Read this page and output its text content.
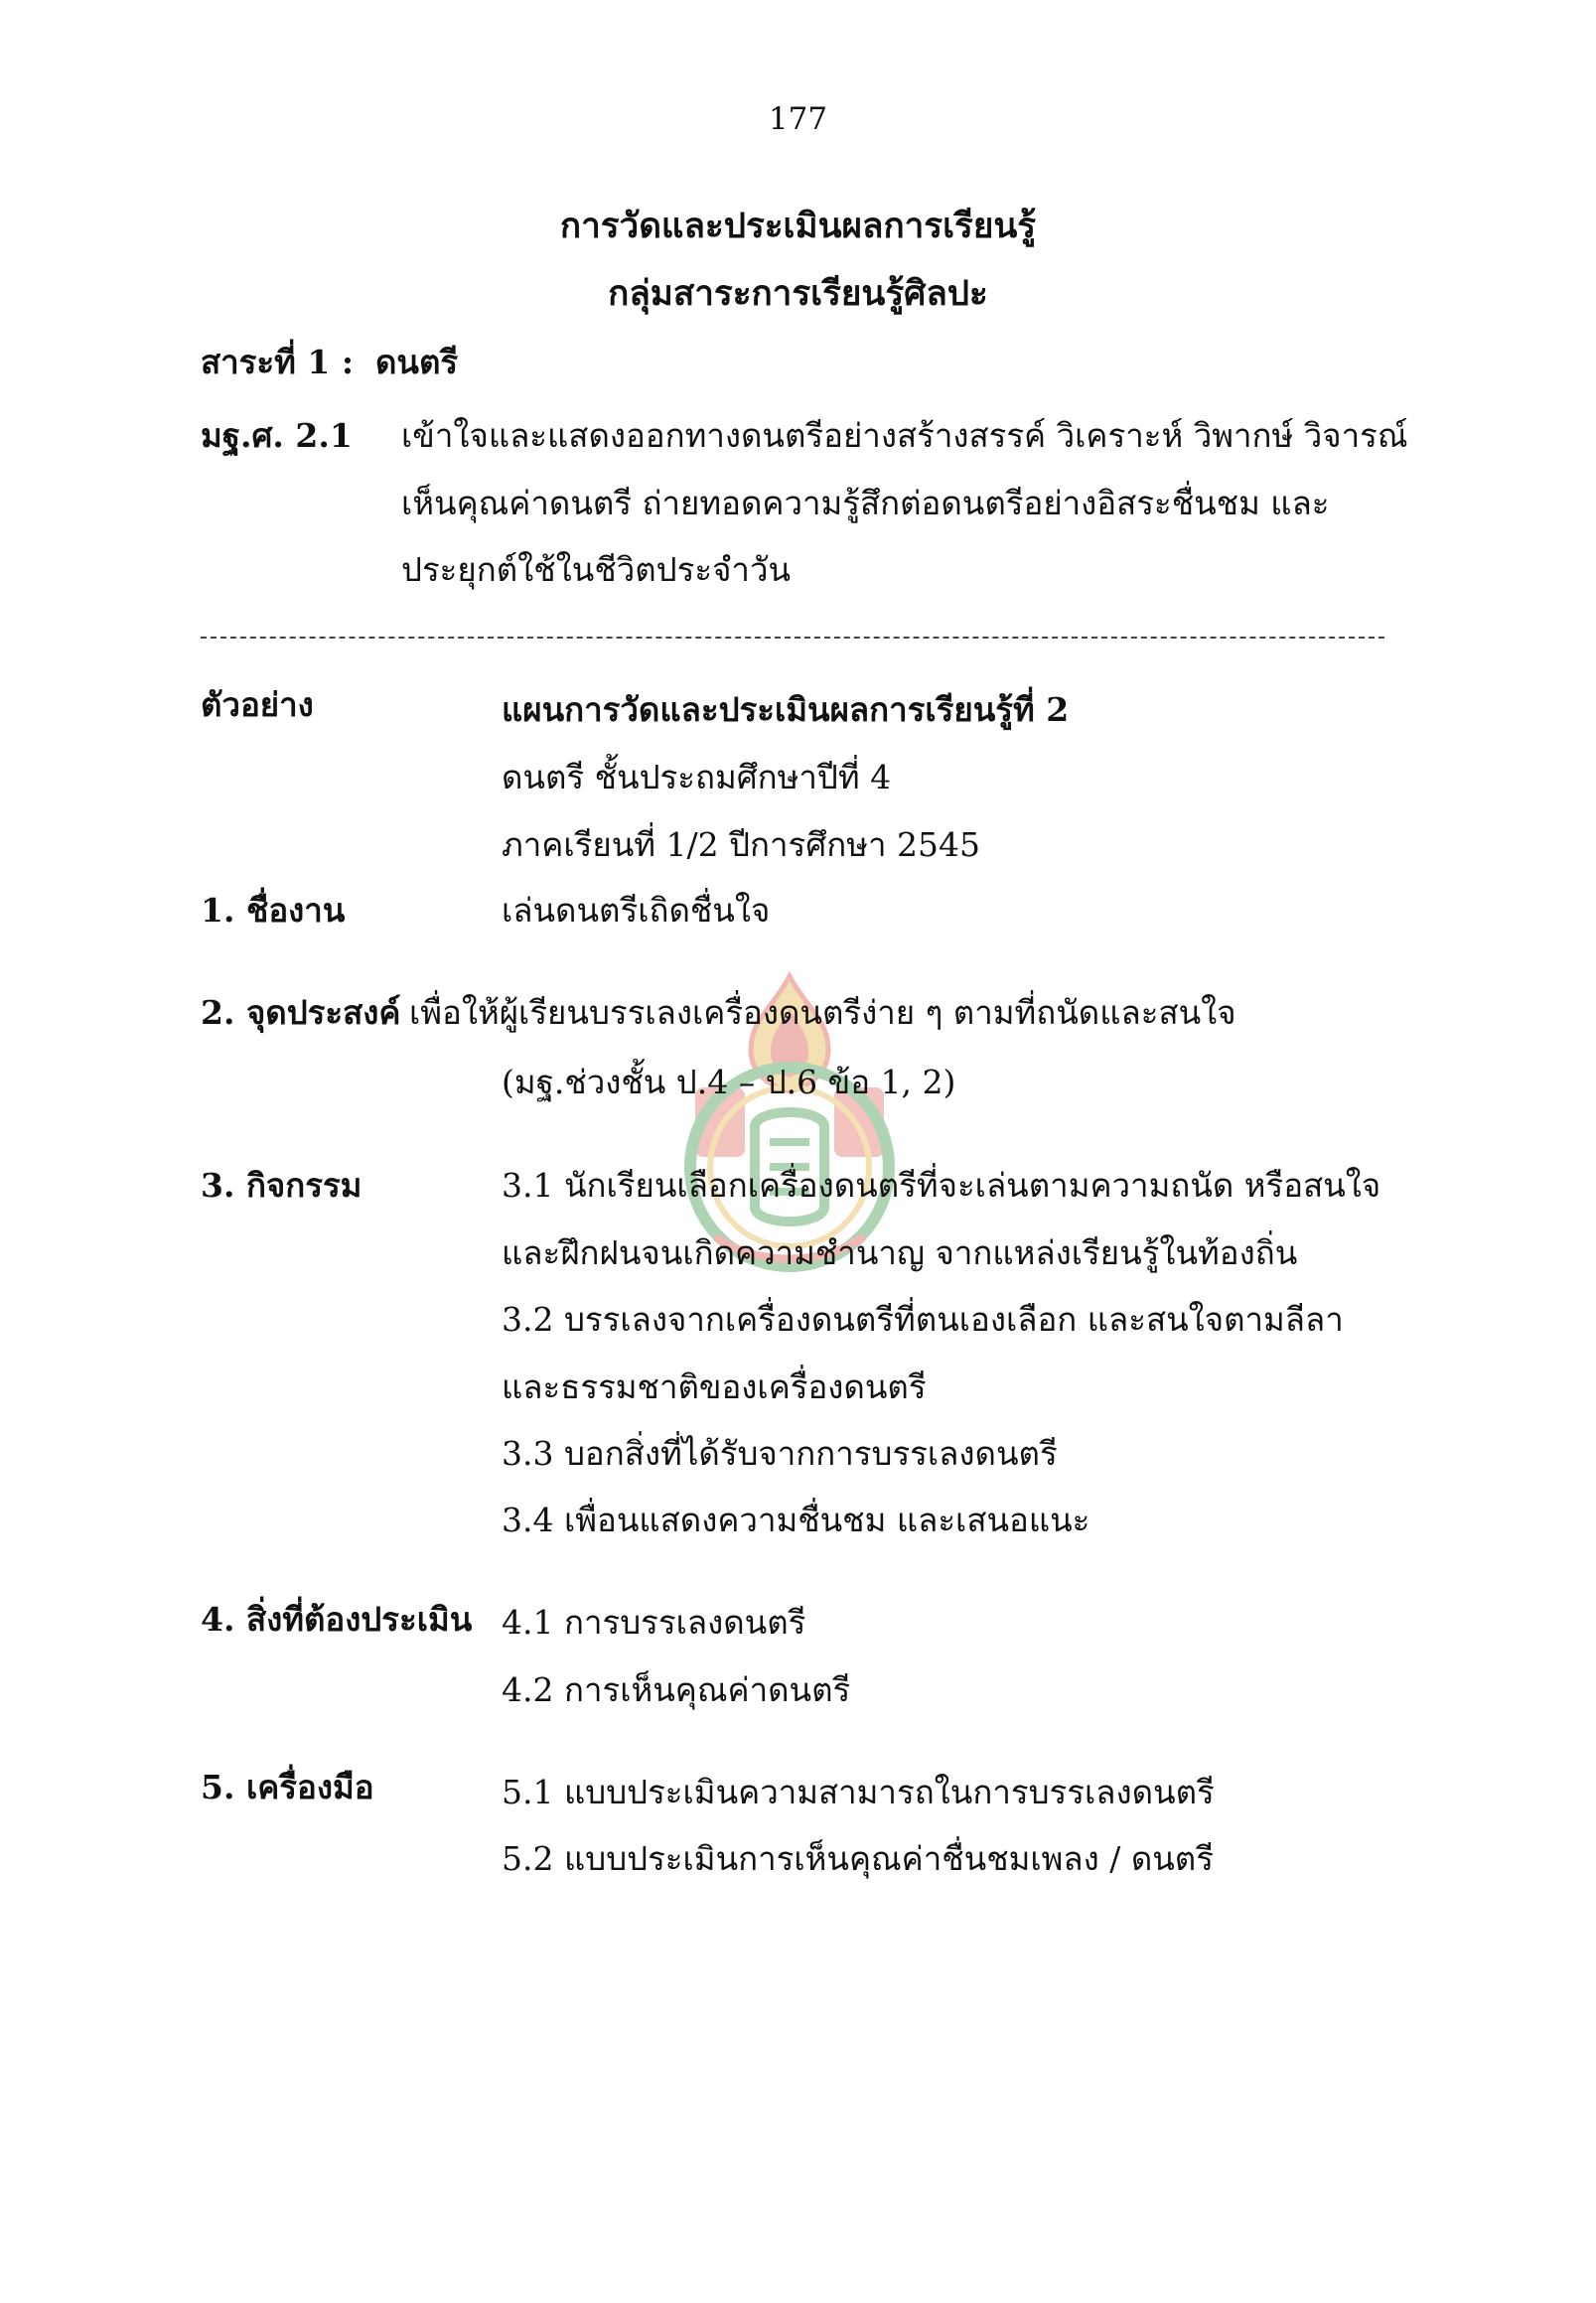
177
การวัดและประเมินผลการเรียนรู้
กลุ่มสาระการเรียนรู้ศิลปะ
สาระที่ 1 : ดนตรี
มฐ.ศ. 2.1 เข้าใจและแสดงออกทางดนตรีอย่างสร้างสรรค์ วิเคราะห์ วิพากษ์ วิจารณ์
เห็นคุณค่าดนตรี ถ่ายทอดความรู้สึกต่อดนตรีอย่างอิสระชื่นชม และ
ประยุกต์ใช้ในชีวิตประจำวัน
ตัวอย่าง	แผนการวัดและประเมินผลการเรียนรู้ที่ 2
ดนตรี ชั้นประถมศึกษาปีที่ 4
ภาคเรียนที่ 1/2 ปีการศึกษา 2545
1. ชื่องาน	เล่นดนตรีเถิดชื่นใจ
2. จุดประสงค์ เพื่อให้ผู้เรียนบรรเลงเครื่องดนตรีง่าย ๆ ตามที่ถนัดและสนใจ
(มฐ.ช่วงชั้น ป.4 – ป.6 ข้อ 1, 2)
3. กิจกรรม	3.1 นักเรียนเลือกเครื่องดนตรีที่จะเล่นตามความถนัด หรือสนใจ
และฝึกฝนจนเกิดความชำนาญ จากแหล่งเรียนรู้ในท้องถิ่น
3.2 บรรเลงจากเครื่องดนตรีที่ตนเองเลือก และสนใจตามลีลา
และธรรมชาติของเครื่องดนตรี
3.3 บอกสิ่งที่ได้รับจากการบรรเลงดนตรี
3.4 เพื่อนแสดงความชื่นชม และเสนอแนะ
4. สิ่งที่ต้องประเมิน 4.1 การบรรเลงดนตรี
4.2 การเห็นคุณค่าดนตรี
5. เครื่องมือ	5.1 แบบประเมินความสามารถในการบรรเลงดนตรี
5.2 แบบประเมินการเห็นคุณค่าชื่นชมเพลง / ดนตรี
